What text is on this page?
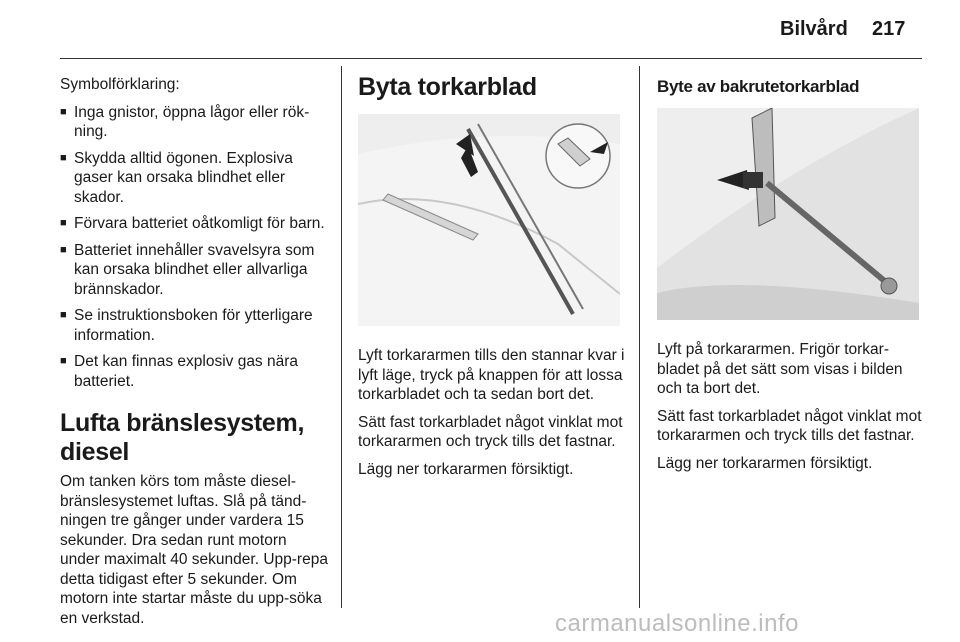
Bilvård 217

Symbolförklaring:

■ Inga gnistor, öppna lågor eller rök-ning.
■ Skydda alltid ögonen. Explosiva gaser kan orsaka blindhet eller skador.
■ Förvara batteriet oåtkomligt för barn.
■ Batteriet innehåller svavelsyra som kan orsaka blindhet eller allvarliga brännskador.
■ Se instruktionsboken för ytterligare information.
■ Det kan finnas explosiv gas nära batteriet.
Lufta bränslesystem, diesel

Om tanken körs tom måste diesel-bränslesystemet luftas. Slå på tänd-ningen tre gånger under vardera 15 sekunder. Dra sedan runt motorn under maximalt 40 sekunder. Upp-repa detta tidigast efter 5 sekunder. Om motorn inte startar måste du upp-söka en verkstad.

Byta torkarblad

Lyft torkararmen tills den stannar kvar i lyft läge, tryck på knappen för att lossa torkarbladet och ta sedan bort det.

Sätt fast torkarbladet något vinklat mot torkararmen och tryck tills det fastnar.

Lägg ner torkararmen försiktigt.

Byte av bakrutetorkarblad

Lyft på torkararmen. Frigör torkar-bladet på det sätt som visas i bilden och ta bort det.

Sätt fast torkarbladet något vinklat mot torkararmen och tryck tills det fastnar.

Lägg ner torkararmen försiktigt.

carmanualsonline.info
